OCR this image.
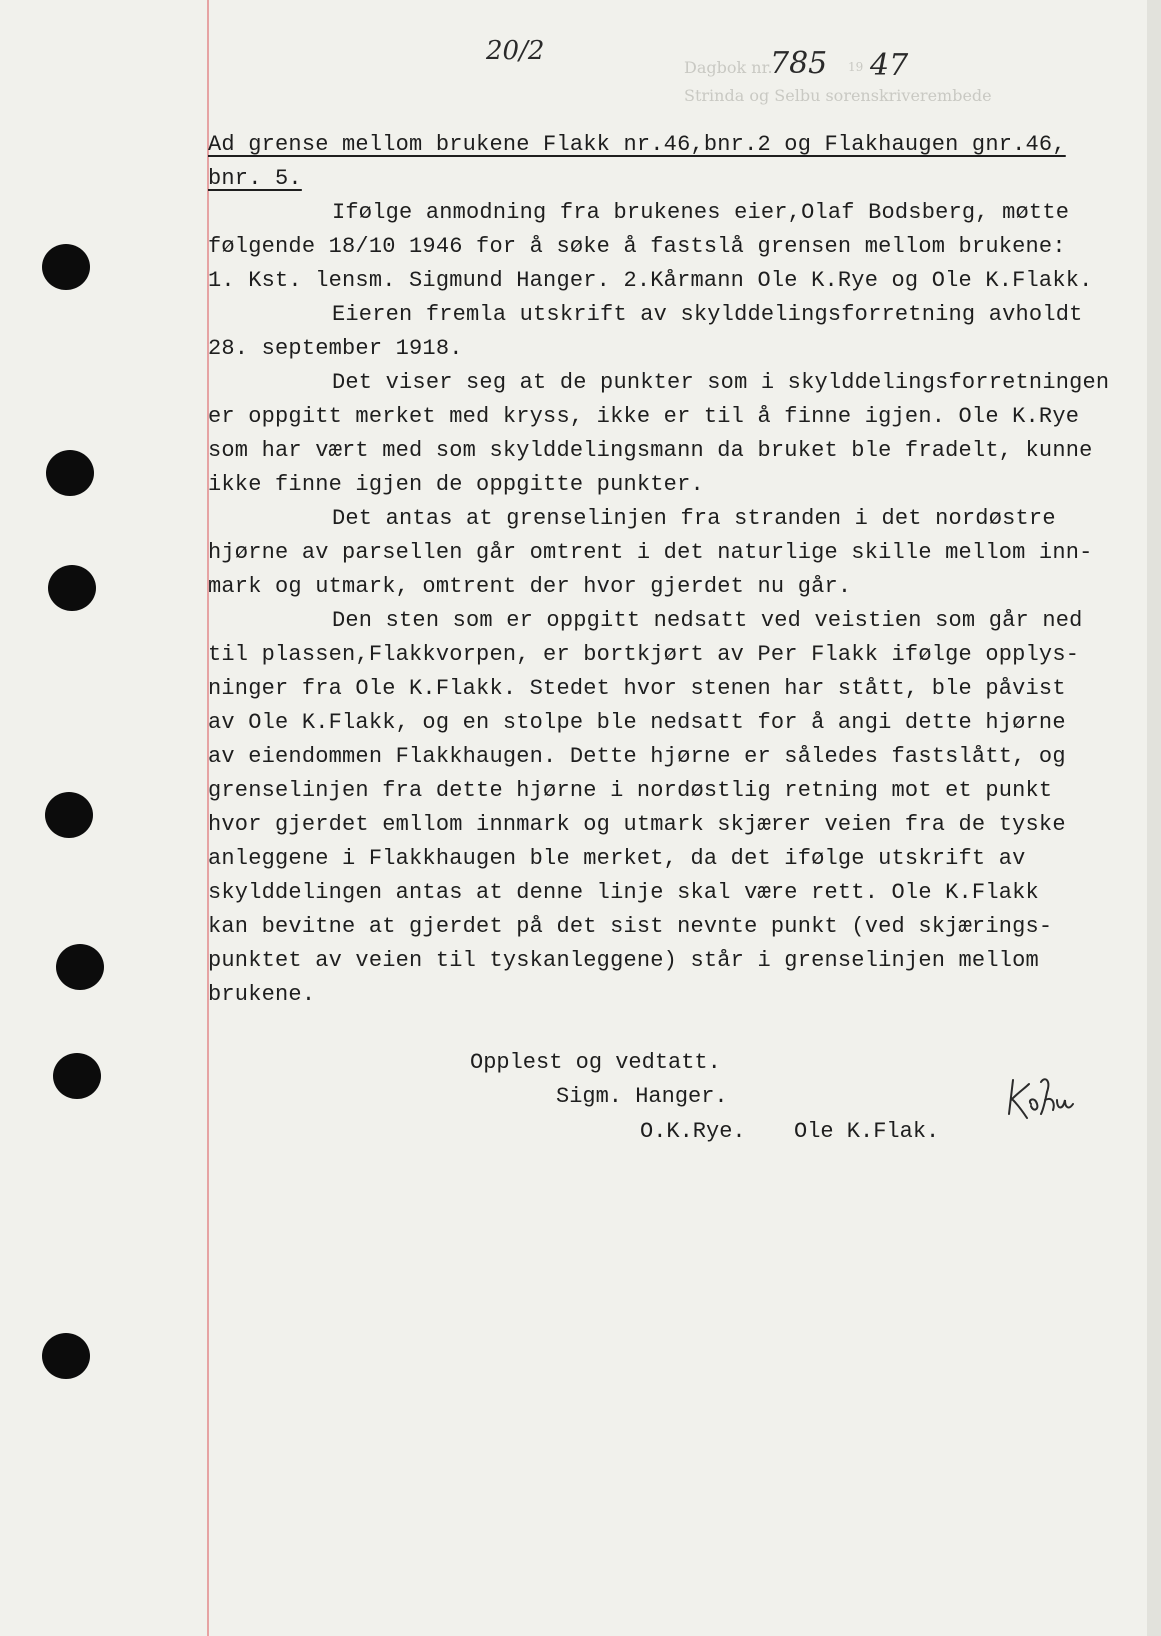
20/2
Dagbok nr.	19
Strinda og Selbu sorenskriverembede
785 47
Ad grense mellom brukene Flakk nr.46,bnr.2 og Flakhaugen gnr.46,
bnr. 5.
Ifølge anmodning fra brukenes eier,Olaf Bodsberg, møtte
følgende 18/10 1946 for å søke å fastslå grensen mellom brukene:
1. Kst. lensm. Sigmund Hanger. 2.Kårmann Ole K.Rye og Ole K.Flakk.
Eieren fremla utskrift av skylddelingsforretning avholdt
28. september 1918.
Det viser seg at de punkter som i skylddelingsforretningen
er oppgitt merket med kryss, ikke er til å finne igjen. Ole K.Rye
som har vært med som skylddelingsmann da bruket ble fradelt, kunne
ikke finne igjen de oppgitte punkter.
Det antas at grenselinjen fra stranden i det nordøstre
hjørne av parsellen går omtrent i det naturlige skille mellom inn-
mark og utmark, omtrent der hvor gjerdet nu går.
Den sten som er oppgitt nedsatt ved veistien som går ned
til plassen,Flakkvorpen, er bortkjørt av Per Flakk ifølge opplys-
ninger fra Ole K.Flakk. Stedet hvor stenen har stått, ble påvist
av Ole K.Flakk, og en stolpe ble nedsatt for å angi dette hjørne
av eiendommen Flakkhaugen. Dette hjørne er således fastslått, og
grenselinjen fra dette hjørne i nordøstlig retning mot et punkt
hvor gjerdet emllom innmark og utmark skjærer veien fra de tyske
anleggene i Flakkhaugen ble merket, da det ifølge utskrift av
skylddelingen antas at denne linje skal være rett. Ole K.Flakk
kan bevitne at gjerdet på det sist nevnte punkt (ved skjærings-
punktet av veien til tyskanleggene) står i grenselinjen mellom
brukene.
Opplest og vedtatt.
Sigm. Hanger.
O.K.Rye. Ole K.Flak.
